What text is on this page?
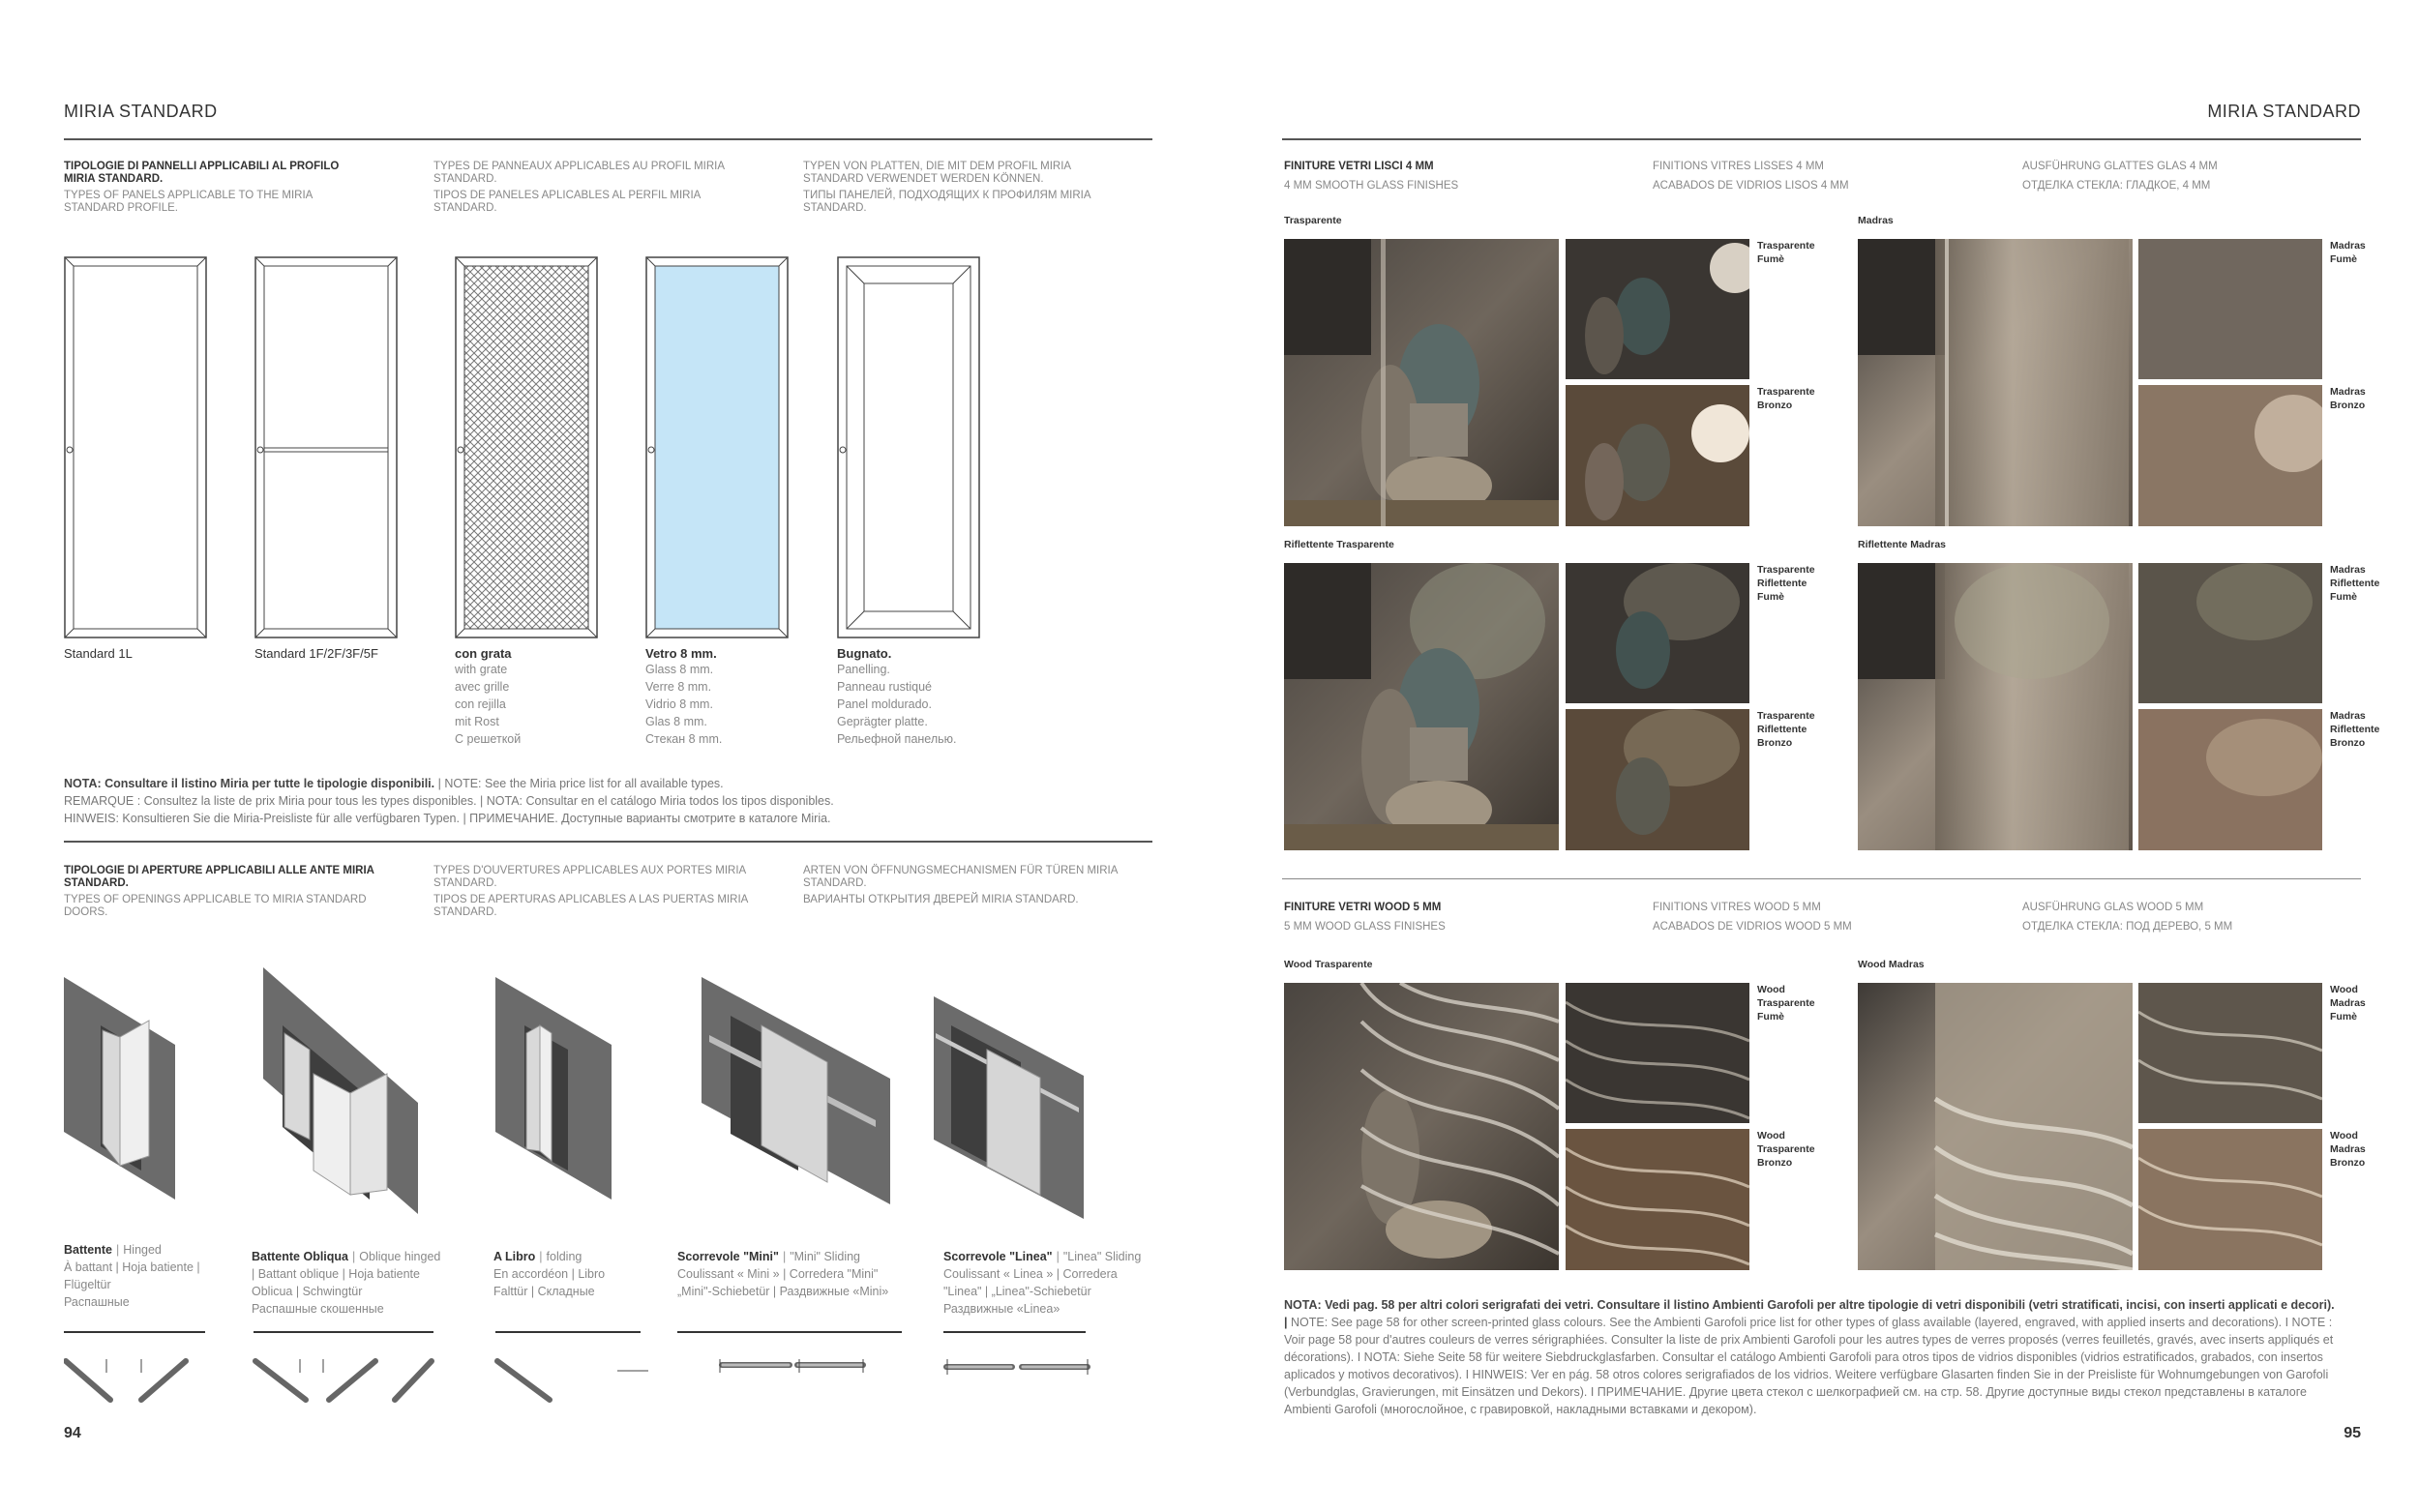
MIRIA STANDARD
TIPOLOGIE DI PANNELLI APPLICABILI AL PROFILO MIRIA STANDARD.
TYPES OF PANELS APPLICABLE TO THE MIRIA STANDARD PROFILE.
TYPES DE PANNEAUX APPLICABLES AU PROFIL MIRIA STANDARD.
TIPOS DE PANELES APLICABLES AL PERFIL MIRIA STANDARD.
TYPEN VON PLATTEN, DIE MIT DEM PROFIL MIRIA STANDARD VERWENDET WERDEN KÖNNEN.
ТИПЫ ПАНЕЛЕЙ, ПОДХОДЯЩИХ К ПРОФИЛЯМ MIRIA STANDARD.
Standard 1L	Standard 1F/2F/3F/5F	con grata
with grate
avec grille
con rejilla
mit Rost
С решеткой
Vetro 8 mm.
Glass 8 mm.
Verre 8 mm.
Vidrio 8 mm.
Glas 8 mm.
Стекан 8 mm.
Bugnato.
Panelling.
Panneau rustiqué
Panel moldurado.
Geprägter platte.
Рельефной панелью.
NOTA: Consultare il listino Miria per tutte le tipologie disponibili. | NOTE: See the Miria price list for all available types.
REMARQUE : Consultez la liste de prix Miria pour tous les types disponibles. | NOTA: Consultar en el catálogo Miria todos los tipos disponibles.
HINWEIS: Konsultieren Sie die Miria-Preisliste für alle verfügbaren Typen. | ПРИМЕЧАНИЕ. Доступные варианты смотрите в каталоге Miria.
TIPOLOGIE DI APERTURE APPLICABILI ALLE ANTE MIRIA STANDARD.
TYPES OF OPENINGS APPLICABLE TO MIRIA STANDARD DOORS.
TYPES D'OUVERTURES APPLICABLES AUX PORTES MIRIA STANDARD.
TIPOS DE APERTURAS APLICABLES A LAS PUERTAS MIRIA STANDARD.
ARTEN VON ÖFFNUNGSMECHANISMEN FÜR TÜREN MIRIA STANDARD.
ВАРИАНТЫ ОТКРЫТИЯ ДВЕРЕЙ MIRIA STANDARD.
Battente | Hinged
À battant | Hoja batiente | Flügeltür
Распашные
Battente Obliqua | Oblique hinged | Battant oblique | Hoja batiente Oblicua | Schwingtür
Распашные скошенные
A Libro | folding
En accordéon | Libro
Falttür | Складные
Scorrevole "Mini" | "Mini" Sliding
Coulissant « Mini » | Corredera "Mini"
„Mini"-Schiebetür | Раздвижные «Mini»
Scorrevole "Linea" | "Linea" Sliding
Coulissant « Linea » | Corredera "Linea" | „Linea"-Schiebetür
Раздвижные «Linea»
94
MIRIA STANDARD
FINITURE VETRI LISCI 4 MM
4 MM SMOOTH GLASS FINISHES
FINITIONS VITRES LISSES 4 MM
ACABADOS DE VIDRIOS LISOS 4 MM
AUSFÜHRUNG GLATTES GLAS 4 MM
ОТДЕЛКА СТЕКЛА: ГЛАДКОЕ, 4 ММ
Trasparente	Madras
Trasparente
Fumè
Trasparente
Bronzo
Madras
Fumè
Madras
Bronzo
Riflettente Trasparente	Riflettente Madras
Trasparente
Riflettente
Fumè
Trasparente
Riflettente
Bronzo
Madras
Riflettente
Fumè
Madras
Riflettente
Bronzo
FINITURE VETRI WOOD 5 MM
5 MM WOOD GLASS FINISHES
FINITIONS VITRES WOOD 5 MM
ACABADOS DE VIDRIOS WOOD 5 MM
AUSFÜHRUNG GLAS WOOD 5 MM
ОТДЕЛКА СТЕКЛА: ПОД ДЕРЕВО, 5 ММ
Wood Trasparente	Wood Madras
Wood
Trasparente
Fumè
Wood
Trasparente
Bronzo
Wood
Madras
Fumè
Wood
Madras
Bronzo
NOTA: Vedi pag. 58 per altri colori serigrafati dei vetri. Consultare il listino Ambienti Garofoli per altre tipologie di vetri disponibili (vetri stratificati, incisi, con inserti applicati e decori). | NOTE: See page 58 for other screen-printed glass colours. See the Ambienti Garofoli price list for other types of glass available (layered, engraved, with applied inserts and decorations). I NOTE : Voir page 58 pour d'autres couleurs de verres sérigraphiées. Consulter la liste de prix Ambienti Garofoli pour les autres types de verres proposés (verres feuilletés, gravés, avec inserts appliqués et décorations). I NOTA: Siehe Seite 58 für weitere Siebdruckglasfarben. Consultar el catálogo Ambienti Garofoli para otros tipos de vidrios disponibles (vidrios estratificados, grabados, con insertos aplicados y motivos decorativos). I HINWEIS: Ver en pág. 58 otros colores serigrafiados de los vidrios. Weitere verfügbare Glasarten finden Sie in der Preisliste für Wohnumgebungen von Garofoli (Verbundglas, Gravierungen, mit Einsätzen und Dekors). I ПРИМЕЧАНИЕ. Другие цвета стекол с шелкографией см. на стр. 58. Другие доступные виды стекол представлены в каталоге Ambienti Garofoli (многослойное, с гравировкой, накладными вставками и декором).
95
